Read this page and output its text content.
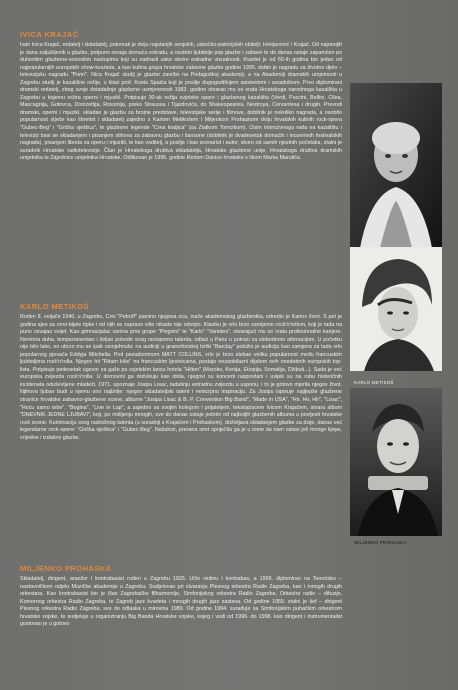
IVICA KRAJAČ

Ivan Ivica Krajač, redatelj i skladatelj, potomak je dviju najstarijih senjskih, uskočko-patricijskih obitelji: Hreljanović i Krajač. Od najranijih je dana zaljubljenik u glazbu, potpuno osvaja domaću estradu, a osobito ljubitelje pop glazbe i zabave te do danas ostaje zapamćen po duhovitim glazbeno-scenskim nastupima koji su nadrasli uske okvire estradne vizualnosti. Kvartet je od 60-ih godina bio jedan od najpopularnijih europskih show-kvarteta, a kao kultna grupa hrvatske zabavne glazbe godine 1995. dobio je nagradu za životno djelo – televizijsku nagradu "Porin". Nica Krajač studij je glazbe završio na Pedagoškoj akademiji, a na Akademiji dramskih umjetnosti u Zagrebu studij je kazališne režije, u klasi prof. Kosta Spaića koji je poslije dugogodišnjem asistentom i suradnikom. Prvo diplomirani dramski redatelj, zbog svoje dotadašnje glazbene usmjerenosti 1983. godine otvarao mu se vrata Hrvatskoga narodnoga kazališta u Zagrebu u kojemu režira operni i mjuzikl. Potpisuje 30-ak režija svjetske opere i glazbenog kazališta (Verdi, Puccini, Bellini, Cilea, Mascagnija, Gotovca, Donizettija, Rossinija, preko Straussa i Tijardovića, do Shakespearea, Nestroya, Cervantesa i drugih. Prevodi dramski, operni i mjuzikl, skladao je glazbu za brojne predstave, televizijske serije i filmove, dobitnik je nekoliko nagrada, a osobito popularnost stječe kao libretist i skladatelj zajedno s Karlom Metikošem i Miljenkom Prohaskom dviju hrvatskih kultnih rock-opera "Gubec-Beg" i "Grička vještica", te glazbene legende "Crna kraljica" (sa Zlatkom Tomcikom). Osim intenzivnoga rada na kazalištu i televiziji bavi se skladanjem i pisanjem stihova za zabavnu glazbu i šansone (dobitnik je dvadesetak domaćih i inozemnih festivalskih nagrada), pisanjem libreta za operu i mjuzikl, te kao voditelj, a poslije i kao scenarist i autor, skoro od samih njezinih početaka, stalni je suradnik Hrvatske radiotelevizije. Član je Hrvatskoga društva skladatelja, Hrvatske glazbene unije, Hrvatskoga društva dramskih umjetnika te Zajednice umjetnika Hrvatske. Odlikovan je 1996. godine Redom Danice hrvatske s likom Marka Marulića.

KARLO METIKOŠ

Rođen 8. veljače 1940. u Zagrebu, Crni "Petroff" pianino njegova oca, inače akademskog glazbenika, odredio je Karlov život. S pet je godina sjeo za crno-bijele tipke i od njih se zapravo više nikada nije odvojio. Klasiku je vrlo brzo zamijenio rock'n'rollom, koji je tada na puno osvajao svijet. Kao gimnazijalac osniva prve grupe "Pingvini" te "Karlo" "Varietes", otvarajući mu se vrata profesionalne karijere. Nemirna duha, temperamentan i željan potvrde svog neosporno talenta, odlazi u Pariz u potrazi za slobodnom afirmacijom. U početku nije bilo lako, no ubrzo mu se ipak osmjehnula: na audiciji u gramofonskoj tvrtki "Barclay" položio je audiciju kao zamjena za tada vrlo popularnog pjevača Eddyja Mitchella. Pod pseudonimom MATT COLLINS, vrlo je brzo stekao veliku popularnost među francuskim ljubiteljima rock'n'rolla. Njegov hit "Ritam kiše" na francuskim ljestvicama, postaje nezaobilazni dijelom svih onodobnih europskih top-lista. Potpisuje pedesetak ugovor za gaže po svjetskim lancu hotela "Hilton" (Maroko, Kenija, Etiopija, Somalija, Džibuti...). Sada je već europska zvijezda rock'n'rolla. U domovini ga dočekuju kao idola, njegovi su koncerti rasprodani i uvijek su na rubu histeričnih incidenata oduševljene mladeži. 1971. upoznaje Josipu Lisac, tadašnju estradnu zvijezdu u usponu, i to je gotovo mjerila njegov život. Njihova ljubav budi u njemu ono najbolje: njegov skladateljski talent i neiscrpnu inspiraciju. Za Josipu ispisuje najljepše glazbene stranice hrvatske zabavno-glazbene scene, albume "Josipa Lisac & B. P. Convention Big Band", "Made in USA", "Hir, Hir, Hir", "Lisac", "Hoću samo tebe", "Bogina", "Live in Lap", a zajedno sa svojim kolegom i prijateljem, tekstopiscem Ivicom Krajačem, stvara album "DNEVNIK JEDNE LJUBAVI", koji, po mišljenju mnogih, sve do danas ostaje jednim od najboljih glazbenih albuma u povijesti hrvatske rock scene. Kulminaciju svog raskošnog talenta (u suradnji s Krajačem i Prohaskom), doživljava skladanjem glazbe za dvije, danas već legendarne rock-opere: "Grička vještica" i "Gubec-Beg". Nažalost, prerana smrt spriječila ga je u tome da nam ostavi još mnoge lijepe, vrijedne i izdašne glazbe.

MILJENKO PROHASKA

Skladatelj, dirigent, aranžer i kontrabasist rođen u Zagrebu 1925. Učio violinu i kontrabas, a 1956. diplomirao na Teoretsko – nastavničkom odjelu Muzičke akademije u Zagrebu. Sudjelovao pri stvaranju Plesnog orkestra Radio Zagreba, kao i mnogih drugih orkestara. Kao kontrabasist bio je član Zagrebačke filharmonije, Simfonijskog orkestra Radio Zagreba, Orkestra radio – difuzije, Komornog orkestra Radio Zagreba, te Zagreb jazz kvarteta i mnogih drugih jazz sastava. Od godine 1955. stalni je šef – dirigent Plesnog orkestra Radio Zagreba, sve do odlaska u mirovinu 1989. Od godine 1994. surađuje sa Simfonijskim puhačkim orkestrom hrvatske vojske, te sudjeluje u organiziranju Big Banda Hrvatske vojske, kojeg i vodi od 1996. do 1998. kao dirigent i instrumentalist gostovao je u gotovo

KARLO METIKOŠ
MILJENKO PROHASKA
